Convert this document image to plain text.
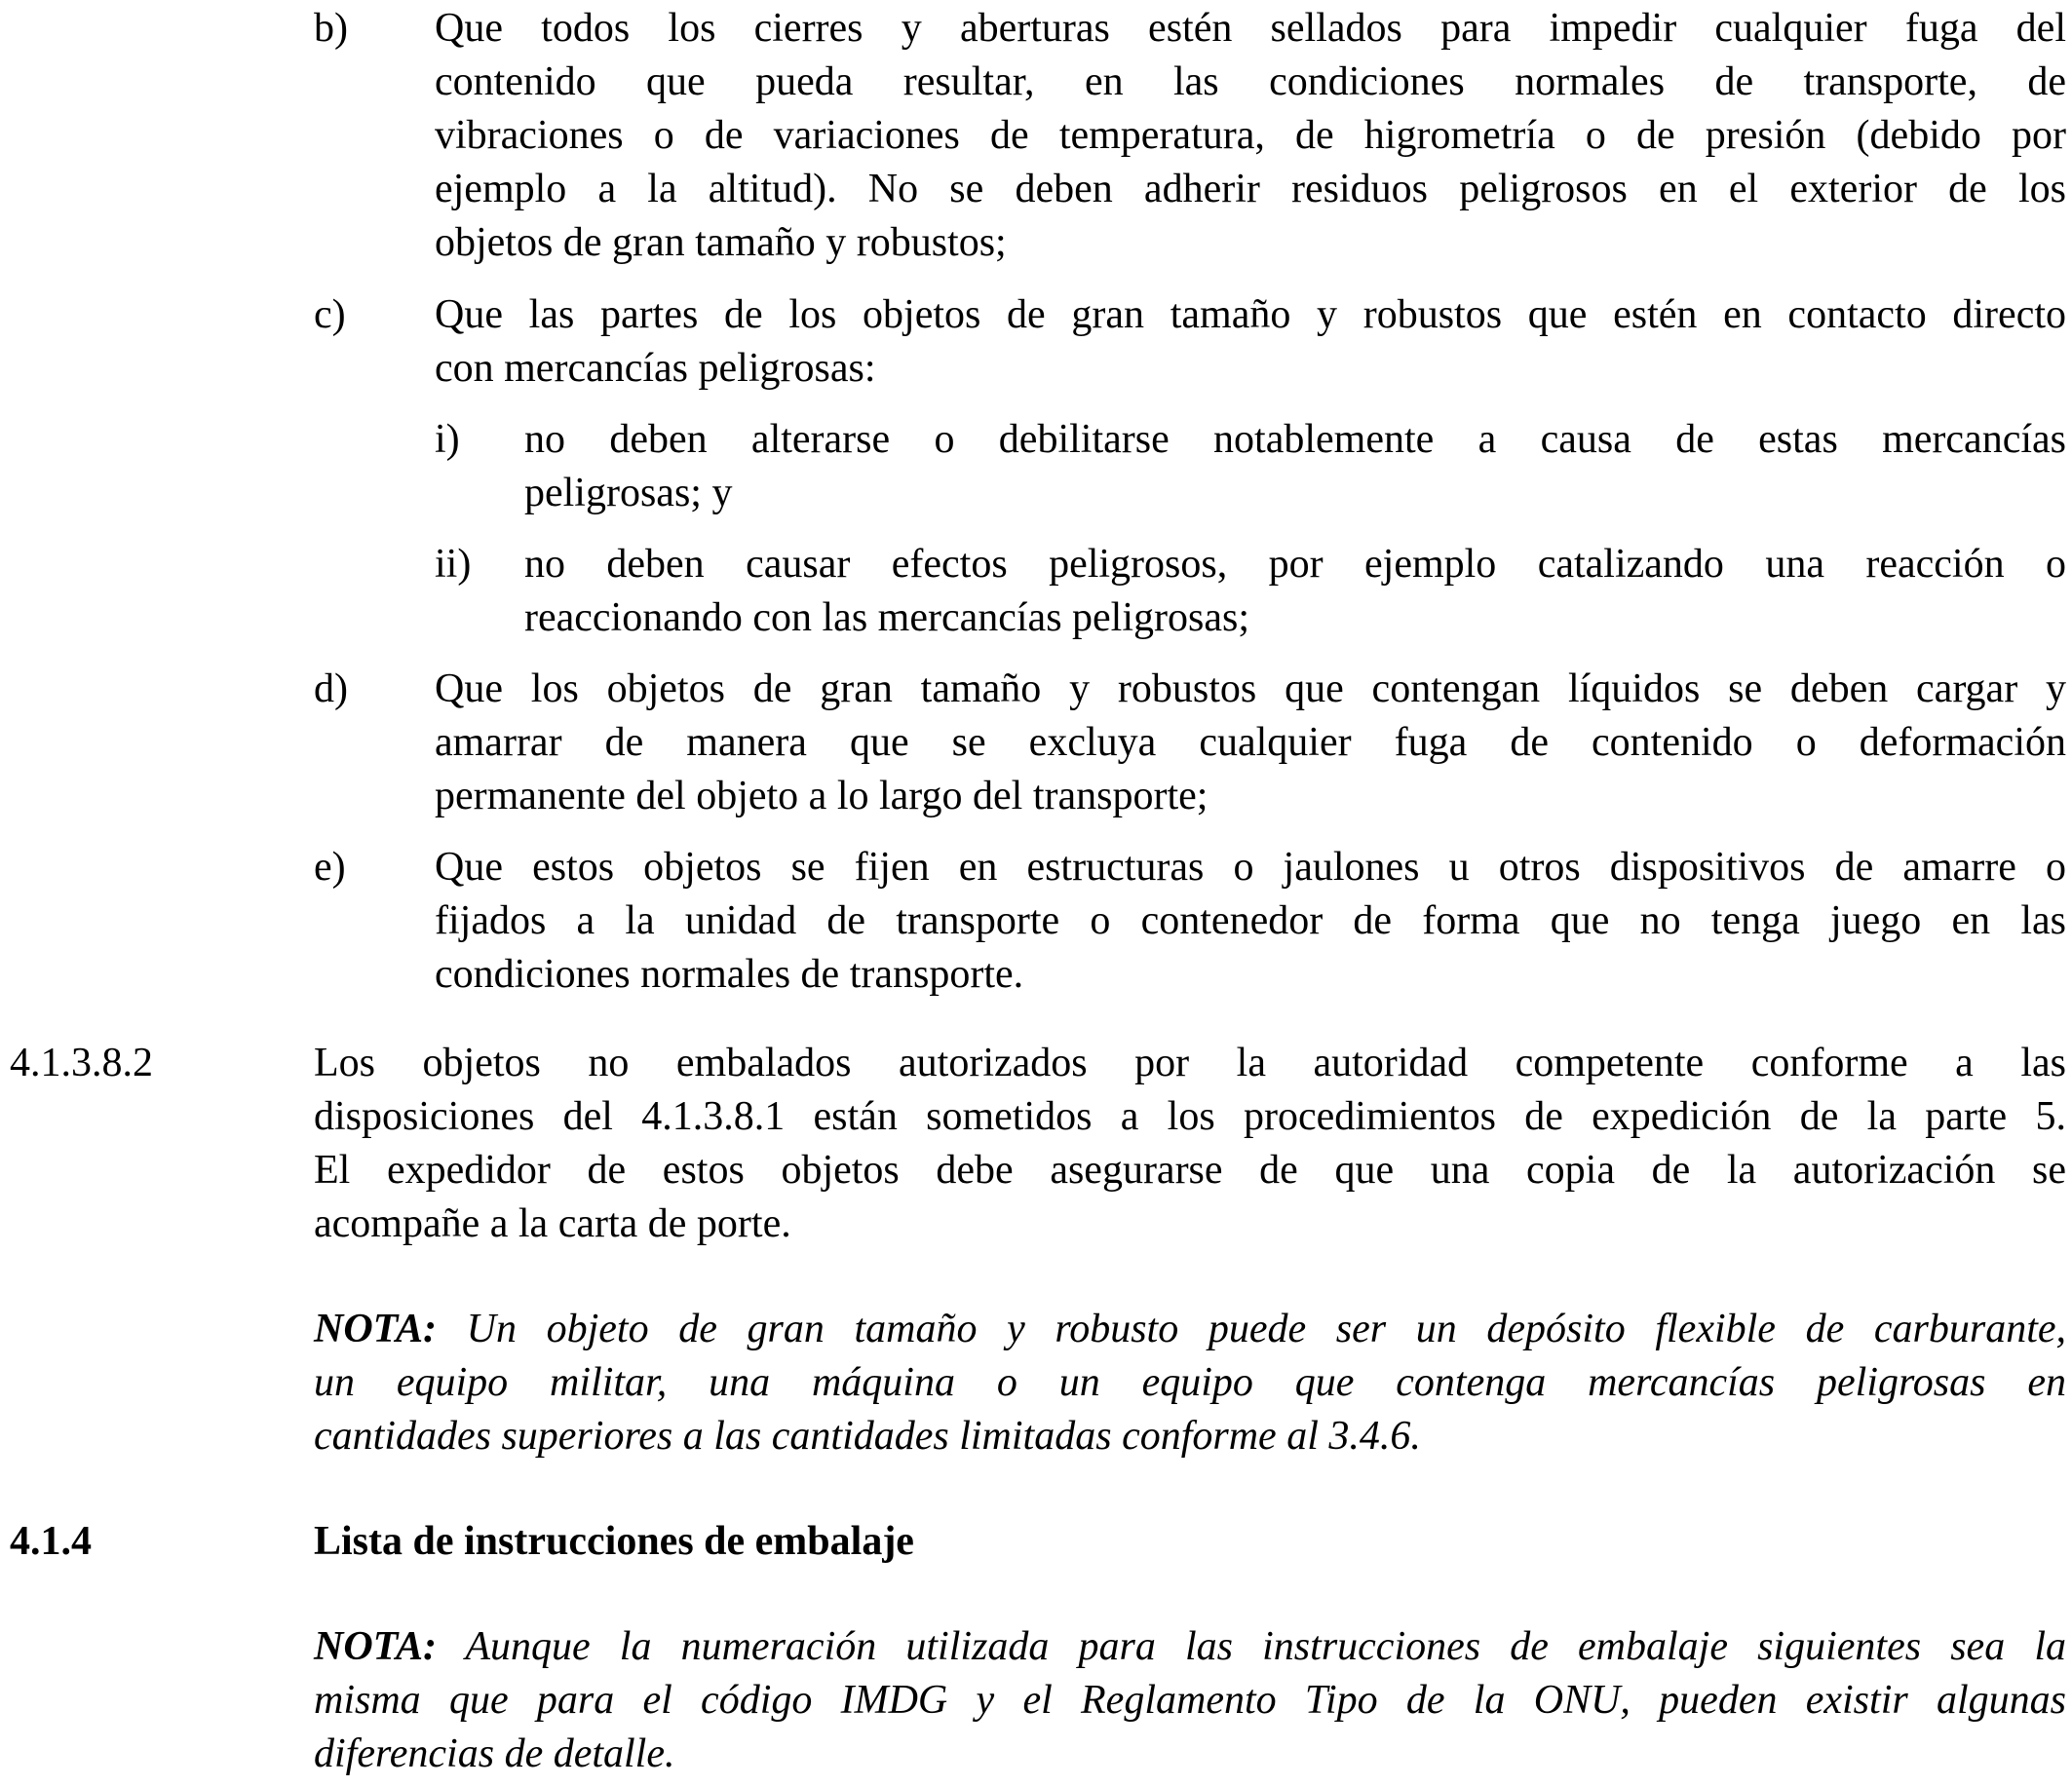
b) Que todos los cierres y aberturas estén sellados para impedir cualquier fuga del
contenido que pueda resultar, en las condiciones normales de transporte, de
vibraciones o de variaciones de temperatura, de higrometría o de presión (debido por
ejemplo a la altitud). No se deben adherir residuos peligrosos en el exterior de los
objetos de gran tamaño y robustos;
c) Que las partes de los objetos de gran tamaño y robustos que estén en contacto directo
con mercancías peligrosas:
i) no deben alterarse o debilitarse notablemente a causa de estas mercancías
peligrosas; y
ii) no deben causar efectos peligrosos, por ejemplo catalizando una reacción o
reaccionando con las mercancías peligrosas;
d) Que los objetos de gran tamaño y robustos que contengan líquidos se deben cargar y
amarrar de manera que se excluya cualquier fuga de contenido o deformación
permanente del objeto a lo largo del transporte;
e) Que estos objetos se fijen en estructuras o jaulones u otros dispositivos de amarre o
fijados a la unidad de transporte o contenedor de forma que no tenga juego en las
condiciones normales de transporte.
4.1.3.8.2	Los objetos no embalados autorizados por la autoridad competente conforme a las
disposiciones del 4.1.3.8.1 están sometidos a los procedimientos de expedición de la parte 5.
El expedidor de estos objetos debe asegurarse de que una copia de la autorización se
acompañe a la carta de porte.
NOTA: Un objeto de gran tamaño y robusto puede ser un depósito flexible de carburante,
un equipo militar, una máquina o un equipo que contenga mercancías peligrosas en
cantidades superiores a las cantidades limitadas conforme al 3.4.6.
4.1.4	Lista de instrucciones de embalaje
NOTA: Aunque la numeración utilizada para las instrucciones de embalaje siguientes sea la
misma que para el código IMDG y el Reglamento Tipo de la ONU, pueden existir algunas
diferencias de detalle.
